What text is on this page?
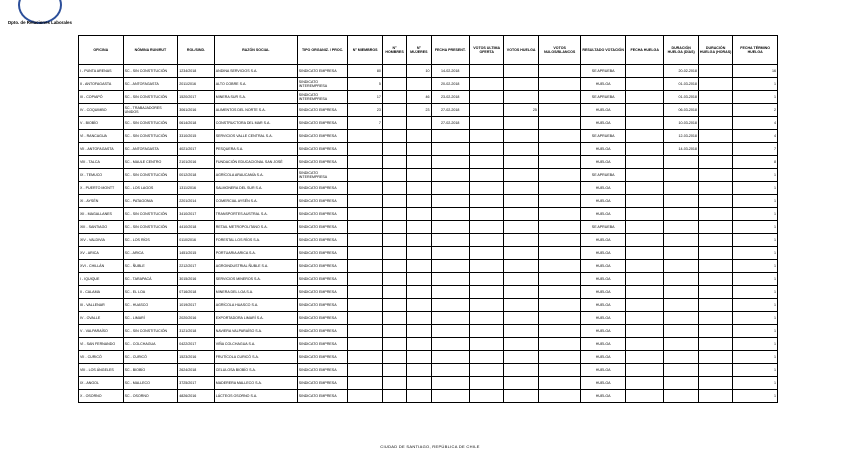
Dpto. de Relaciones Laborales
OFICINA	NÓMINA RUN/RUT	ROL/SIND.	RAZÓN SOCIAL	TIPO ORGANIZ. / PROC.	N° MIEMBROS	N° HOMBRES	N° MUJERES	FECHA PRESENT.	VOTOS ULTIMA OFERTA	VOTOS HUELGA	VOTOS NULOS/BLANCOS	RESULTADO VOTACIÓN	FECHA HUELGA	DURACIÓN HUELGA (DÍAS)	DURACIÓN HUELGA (HORAS)	FECHA TÉRMINO HUELGA
I - PUNTA ARENAS	SC - SIN CONSTITUCIÓN	1234/2018	ANDINA SERVICIOS S.A.	SINDICATO EMPRESA	80		10	14-02-2018				SE APRUEBA		20-02-2018		16
II - ANTOFAGASTA	SC - ANTOFAGASTA	2011/2016	ALTO COBRE S.A.	SINDICATO INTEREMPRESA	5			20-02-2018				HUELGA		01-03-2018		1
III - COPIAPÓ	SC - SIN CONSTITUCIÓN	1520/2017	MINERA SUR S.A.	SINDICATO INTEREMPRESA	17		46	23-02-2018				SE APRUEBA		01-03-2018		1
IV - COQUIMBO	SC - TRABAJADORES UNIDOS	3061/2016	ALIMENTOS DEL NORTE S.A.	SINDICATO EMPRESA	23		23	27-02-2018		25		HUELGA		06-03-2018		2
V - BIOBÍO	SC - SIN CONSTITUCIÓN	0614/2018	CONSTRUCTORA DEL MAR S.A.	SINDICATO EMPRESA	7			27-02-2018				HUELGA		10-03-2018		4
VI - RANCAGUA	SC - SIN CONSTITUCIÓN	3310/2015	SERVICIOS VALLE CENTRAL S.A.	SINDICATO EMPRESA								SE APRUEBA		12-03-2018		4
VII - ANTOFAGASTA	SC - ANTOFAGASTA	4021/2017	PESQUERA S.A.	SINDICATO EMPRESA								HUELGA		14-03-2018		7
VIII - TALCA	SC - MAULE CENTRO	2101/2016	FUNDACIÓN EDUCACIONAL SAN JOSÉ	SINDICATO EMPRESA								HUELGA				8
IX - TEMUCO	SC - SIN CONSTITUCIÓN	0012/2018	AGRÍCOLA ARAUCANÍA S.A.	SINDICATO INTEREMPRESA								SE APRUEBA				1
X - PUERTO MONTT	SC - LOS LAGOS	1311/2016	SALMONERA DEL SUR S.A.	SINDICATO EMPRESA								HUELGA				1
XI - AYSÉN	SC - PATAGONIA	2201/2014	COMERCIAL AYSÉN S.A.	SINDICATO EMPRESA								HUELGA				1
XII - MAGALLANES	SC - SIN CONSTITUCIÓN	3410/2017	TRANSPORTES AUSTRAL S.A.	SINDICATO EMPRESA								HUELGA				1
XIII - SANTIAGO	SC - SIN CONSTITUCIÓN	4410/2018	RETAIL METROPOLITANO S.A.	SINDICATO EMPRESA								SE APRUEBA				1
XIV - VALDIVIA	SC - LOS RÍOS	0110/2016	FORESTAL LOS RÍOS S.A.	SINDICATO EMPRESA								HUELGA				1
XV - ARICA	SC - ARICA	1451/2015	PORTUARIA ARICA S.A.	SINDICATO EMPRESA								HUELGA				1
XVI - CHILLÁN	SC - ÑUBLE	2212/2017	AGROINDUSTRIAL ÑUBLE S.A.	SINDICATO EMPRESA								HUELGA				1
I - IQUIQUE	SC - TARAPACÁ	3015/2016	SERVICIOS MINEROS S.A.	SINDICATO EMPRESA								HUELGA				1
II - CALAMA	SC - EL LOA	0716/2018	MINERA DEL LOA S.A.	SINDICATO EMPRESA								HUELGA				1
III - VALLENAR	SC - HUASCO	1019/2017	AGRÍCOLA HUASCO S.A.	SINDICATO EMPRESA								HUELGA				1
IV - OVALLE	SC - LIMARÍ	2020/2016	EXPORTADORA LIMARÍ S.A.	SINDICATO EMPRESA								HUELGA				1
V - VALPARAÍSO	SC - SIN CONSTITUCIÓN	3121/2018	NAVIERA VALPARAÍSO S.A.	SINDICATO EMPRESA								HUELGA				1
VI - SAN FERNANDO	SC - COLCHAGUA	0422/2017	VIÑA COLCHAGUA S.A.	SINDICATO EMPRESA								HUELGA				1
VII - CURICÓ	SC - CURICÓ	1523/2016	FRUTÍCOLA CURICÓ S.A.	SINDICATO EMPRESA								HUELGA				1
VIII - LOS ÁNGELES	SC - BIOBÍO	2624/2018	CELULOSA BIOBÍO S.A.	SINDICATO EMPRESA								HUELGA				1
IX - ANGOL	SC - MALLECO	3725/2017	MADERERA MALLECO S.A.	SINDICATO EMPRESA								HUELGA				1
X - OSORNO	SC - OSORNO	4826/2016	LÁCTEOS OSORNO S.A.	SINDICATO EMPRESA								HUELGA				1
CIUDAD DE SANTIAGO, REPÚBLICA DE CHILE
